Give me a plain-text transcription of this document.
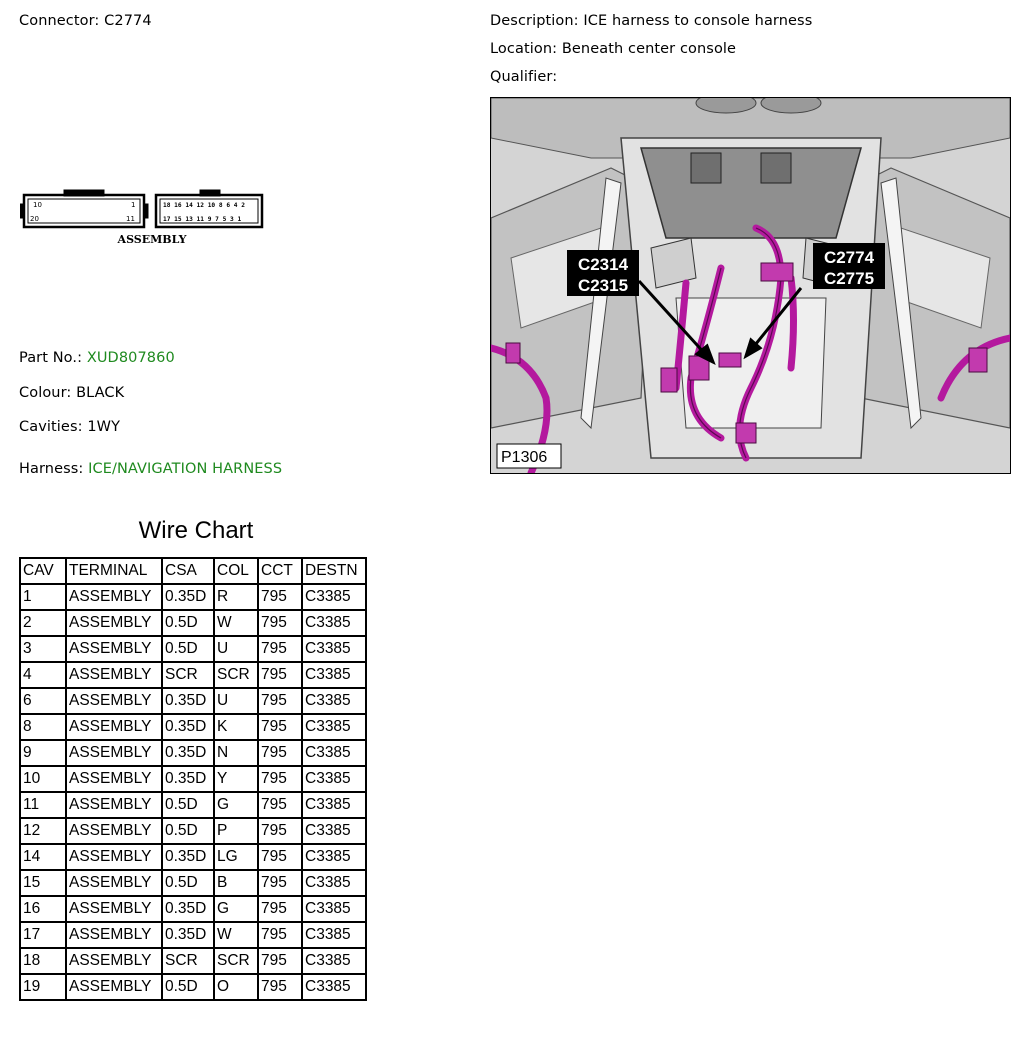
Connector: C2774	Description: ICE harness to console harness
Location: Beneath center console
Qualifier:
10
20
1
11
18 16 14 12 10 8 6 4 2
17 15 13 11 9 7 5 3 1
ASSEMBLY
Part No.: XUD807860
Colour: BLACK
Cavities: 1WY
Harness: ICE/NAVIGATION HARNESS
C2314
C2315
C2774
C2775
P1306
Wire Chart
CAV	TERMINAL	CSA	COL	CCT	DESTN
1	ASSEMBLY	0.35D	R	795	C3385
2	ASSEMBLY	0.5D	W	795	C3385
3	ASSEMBLY	0.5D	U	795	C3385
4	ASSEMBLY	SCR	SCR	795	C3385
6	ASSEMBLY	0.35D	U	795	C3385
8	ASSEMBLY	0.35D	K	795	C3385
9	ASSEMBLY	0.35D	N	795	C3385
10	ASSEMBLY	0.35D	Y	795	C3385
11	ASSEMBLY	0.5D	G	795	C3385
12	ASSEMBLY	0.5D	P	795	C3385
14	ASSEMBLY	0.35D	LG	795	C3385
15	ASSEMBLY	0.5D	B	795	C3385
16	ASSEMBLY	0.35D	G	795	C3385
17	ASSEMBLY	0.35D	W	795	C3385
18	ASSEMBLY	SCR	SCR	795	C3385
19	ASSEMBLY	0.5D	O	795	C3385
